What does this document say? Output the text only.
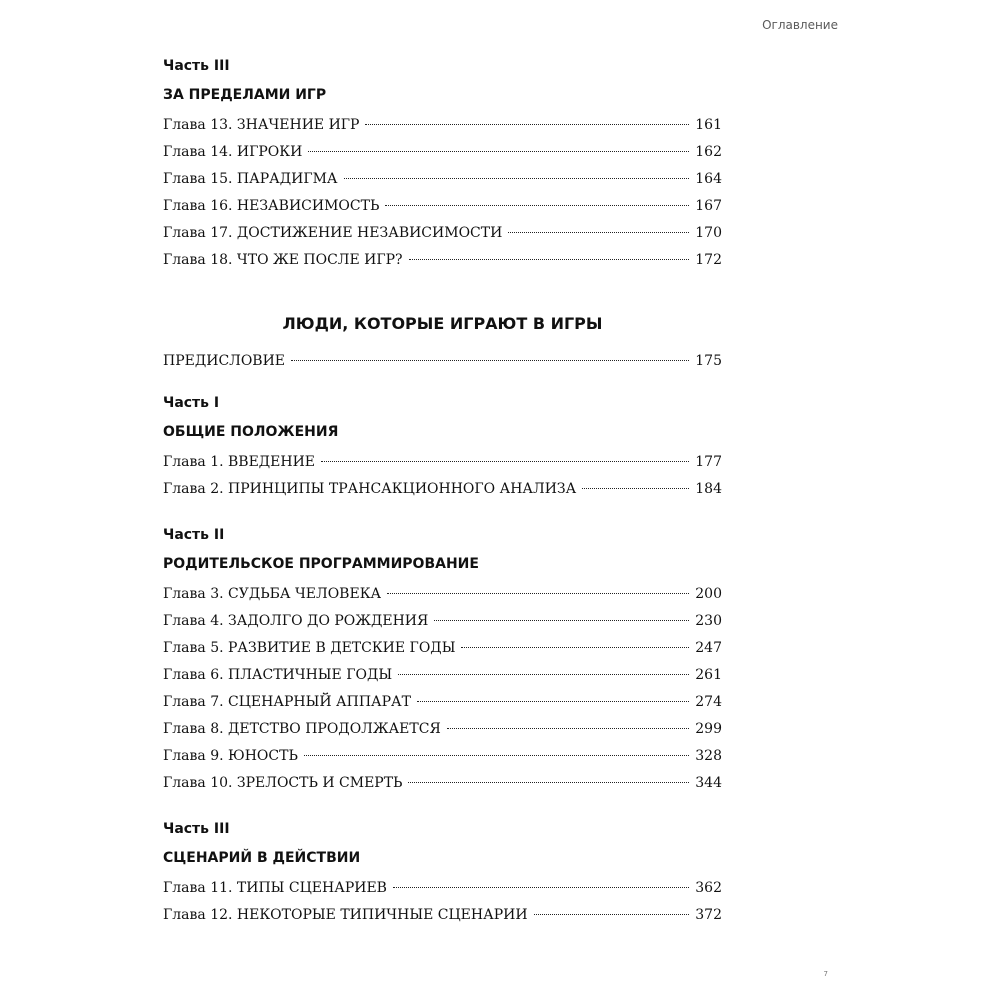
Оглавление
Часть III
ЗА ПРЕДЕЛАМИ ИГР
Глава 13. ЗНАЧЕНИЕ ИГР	161
Глава 14. ИГРОКИ	162
Глава 15. ПАРАДИГМА	164
Глава 16. НЕЗАВИСИМОСТЬ	167
Глава 17. ДОСТИЖЕНИЕ НЕЗАВИСИМОСТИ	170
Глава 18. ЧТО ЖЕ ПОСЛЕ ИГР?	172
ЛЮДИ, КОТОРЫЕ ИГРАЮТ В ИГРЫ
ПРЕДИСЛОВИЕ	175
Часть I
ОБЩИЕ ПОЛОЖЕНИЯ
Глава 1. ВВЕДЕНИЕ	177
Глава 2. ПРИНЦИПЫ ТРАНСАКЦИОННОГО АНАЛИЗА	184
Часть II
РОДИТЕЛЬСКОЕ ПРОГРАММИРОВАНИЕ
Глава 3. СУДЬБА ЧЕЛОВЕКА	200
Глава 4. ЗАДОЛГО ДО РОЖДЕНИЯ	230
Глава 5. РАЗВИТИЕ В ДЕТСКИЕ ГОДЫ	247
Глава 6. ПЛАСТИЧНЫЕ ГОДЫ	261
Глава 7. СЦЕНАРНЫЙ АППАРАТ	274
Глава 8. ДЕТСТВО ПРОДОЛЖАЕТСЯ	299
Глава 9. ЮНОСТЬ	328
Глава 10. ЗРЕЛОСТЬ И СМЕРТЬ	344
Часть III
СЦЕНАРИЙ В ДЕЙСТВИИ
Глава 11. ТИПЫ СЦЕНАРИЕВ	362
Глава 12. НЕКОТОРЫЕ ТИПИЧНЫЕ СЦЕНАРИИ	372
7
